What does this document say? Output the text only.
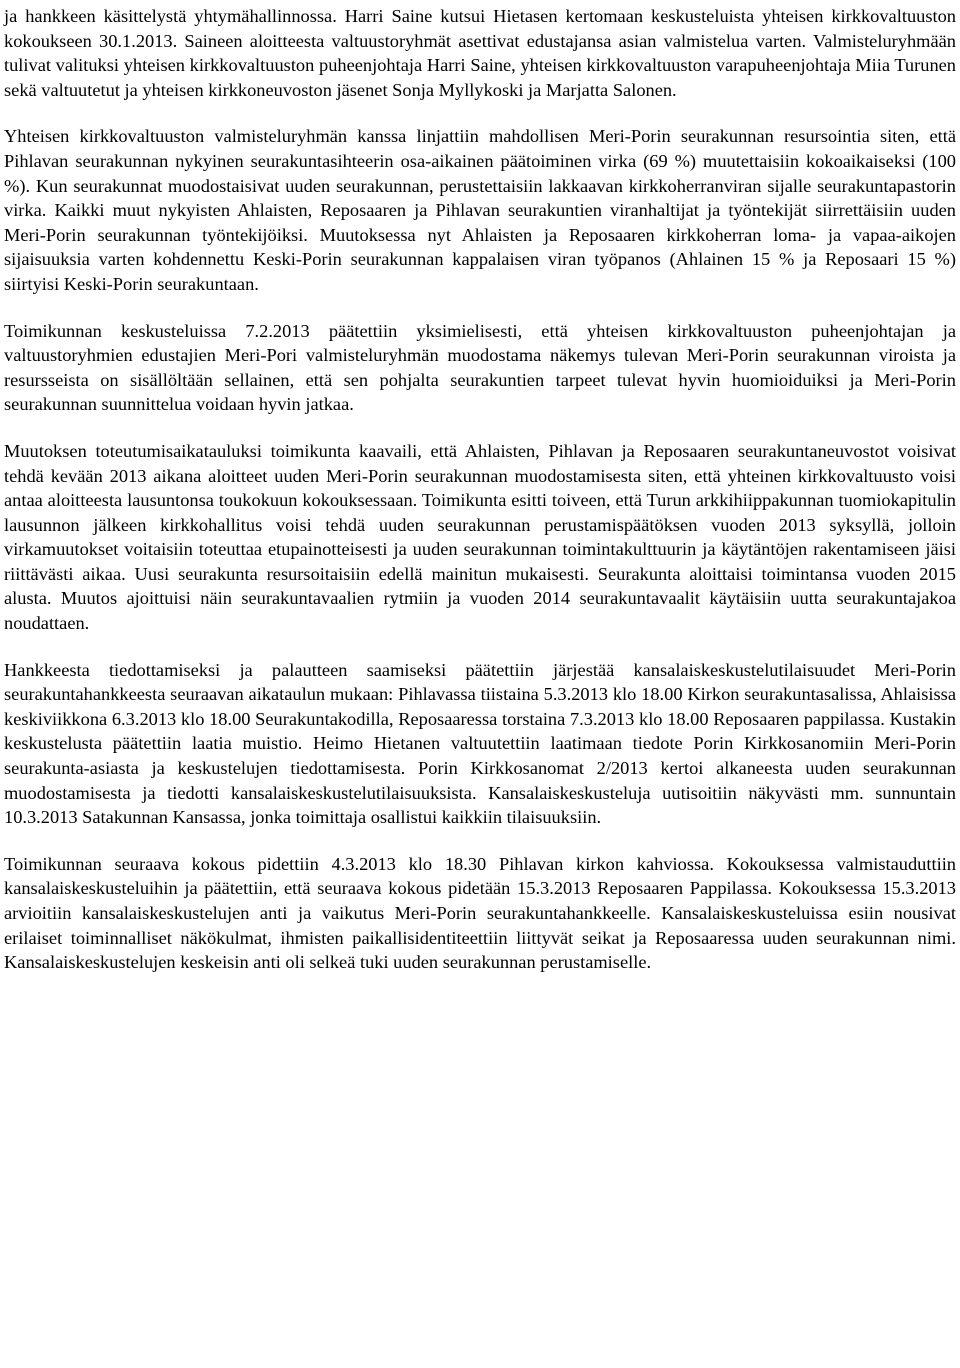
ja hankkeen käsittelystä yhtymähallinnossa. Harri Saine kutsui Hietasen kertomaan keskusteluista yhteisen kirkkovaltuuston kokoukseen 30.1.2013. Saineen aloitteesta valtuustoryhmät asettivat edustajansa asian valmistelua varten. Valmisteluryhmään tulivat valituksi yhteisen kirkkovaltuuston puheenjohtaja Harri Saine, yhteisen kirkkovaltuuston varapuheenjohtaja Miia Turunen sekä valtuutetut ja yhteisen kirkkoneuvoston jäsenet Sonja Myllykoski ja Marjatta Salonen.

Yhteisen kirkkovaltuuston valmisteluryhmän kanssa linjattiin mahdollisen Meri-Porin seurakunnan resursointia siten, että Pihlavan seurakunnan nykyinen seurakuntasihteerin osa-aikainen päätoiminen virka (69 %) muutettaisiin kokoaikaiseksi (100 %). Kun seurakunnat muodostaisivat uuden seurakunnan, perustettaisiin lakkaavan kirkkoherranviran sijalle seurakuntapastorin virka. Kaikki muut nykyisten Ahlaisten, Reposaaren ja Pihlavan seurakuntien viranhaltijat ja työntekijät siirrettäisiin uuden Meri-Porin seurakunnan työntekijöiksi. Muutoksessa nyt Ahlaisten ja Reposaaren kirkkoherran loma- ja vapaa-aikojen sijaisuuksia varten kohdennettu Keski-Porin seurakunnan kappalaisen viran työpanos (Ahlainen 15 % ja Reposaari 15 %) siirtyisi Keski-Porin seurakuntaan.

Toimikunnan keskusteluissa 7.2.2013 päätettiin yksimielisesti, että yhteisen kirkkovaltuuston puheenjohtajan ja valtuustoryhmien edustajien Meri-Pori valmisteluryhmän muodostama näkemys tulevan Meri-Porin seurakunnan viroista ja resursseista on sisällöltään sellainen, että sen pohjalta seurakuntien tarpeet tulevat hyvin huomioiduiksi ja Meri-Porin seurakunnan suunnittelua voidaan hyvin jatkaa.

Muutoksen toteutumisaikatauluksi toimikunta kaavaili, että Ahlaisten, Pihlavan ja Reposaaren seurakuntaneuvostot voisivat tehdä kevään 2013 aikana aloitteet uuden Meri-Porin seurakunnan muodostamisesta siten, että yhteinen kirkkovaltuusto voisi antaa aloitteesta lausuntonsa toukokuun kokouksessaan. Toimikunta esitti toiveen, että Turun arkkihiippakunnan tuomiokapitulin lausunnon jälkeen kirkkohallitus voisi tehdä uuden seurakunnan perustamispäätöksen vuoden 2013 syksyllä, jolloin virkamuutokset voitaisiin toteuttaa etupainotteisesti ja uuden seurakunnan toimintakulttuurin ja käytäntöjen rakentamiseen jäisi riittävästi aikaa. Uusi seurakunta resursoitaisiin edellä mainitun mukaisesti. Seurakunta aloittaisi toimintansa vuoden 2015 alusta. Muutos ajoittuisi näin seurakuntavaalien rytmiin ja vuoden 2014 seurakuntavaalit käytäisiin uutta seurakuntajakoa noudattaen.

Hankkeesta tiedottamiseksi ja palautteen saamiseksi päätettiin järjestää kansalaiskeskustelutilaisuudet Meri-Porin seurakuntahankkeesta seuraavan aikataulun mukaan: Pihlavassa tiistaina 5.3.2013 klo 18.00 Kirkon seurakuntasalissa, Ahlaisissa keskiviikkona 6.3.2013 klo 18.00 Seurakuntakodilla, Reposaaressa torstaina 7.3.2013 klo 18.00 Reposaaren pappilassa. Kustakin keskustelusta päätettiin laatia muistio. Heimo Hietanen valtuutettiin laatimaan tiedote Porin Kirkkosanomiin Meri-Porin seurakunta-asiasta ja keskustelujen tiedottamisesta. Porin Kirkkosanomat 2/2013 kertoi alkaneesta uuden seurakunnan muodostamisesta ja tiedotti kansalaiskeskustelutilaisuuksista. Kansalaiskeskusteluja uutisoitiin näkyvästi mm. sunnuntain 10.3.2013 Satakunnan Kansassa, jonka toimittaja osallistui kaikkiin tilaisuuksiin.

Toimikunnan seuraava kokous pidettiin 4.3.2013 klo 18.30 Pihlavan kirkon kahviossa. Kokouksessa valmistauduttiin kansalaiskeskusteluihin ja päätettiin, että seuraava kokous pidetään 15.3.2013 Reposaaren Pappilassa. Kokouksessa 15.3.2013 arvioitiin kansalaiskeskustelujen anti ja vaikutus Meri-Porin seurakuntahankkeelle. Kansalaiskeskusteluissa esiin nousivat erilaiset toiminnalliset näkökulmat, ihmisten paikallisidentiteettiin liittyvät seikat ja Reposaaressa uuden seurakunnan nimi. Kansalaiskeskustelujen keskeisin anti oli selkeä tuki uuden seurakunnan perustamiselle.
